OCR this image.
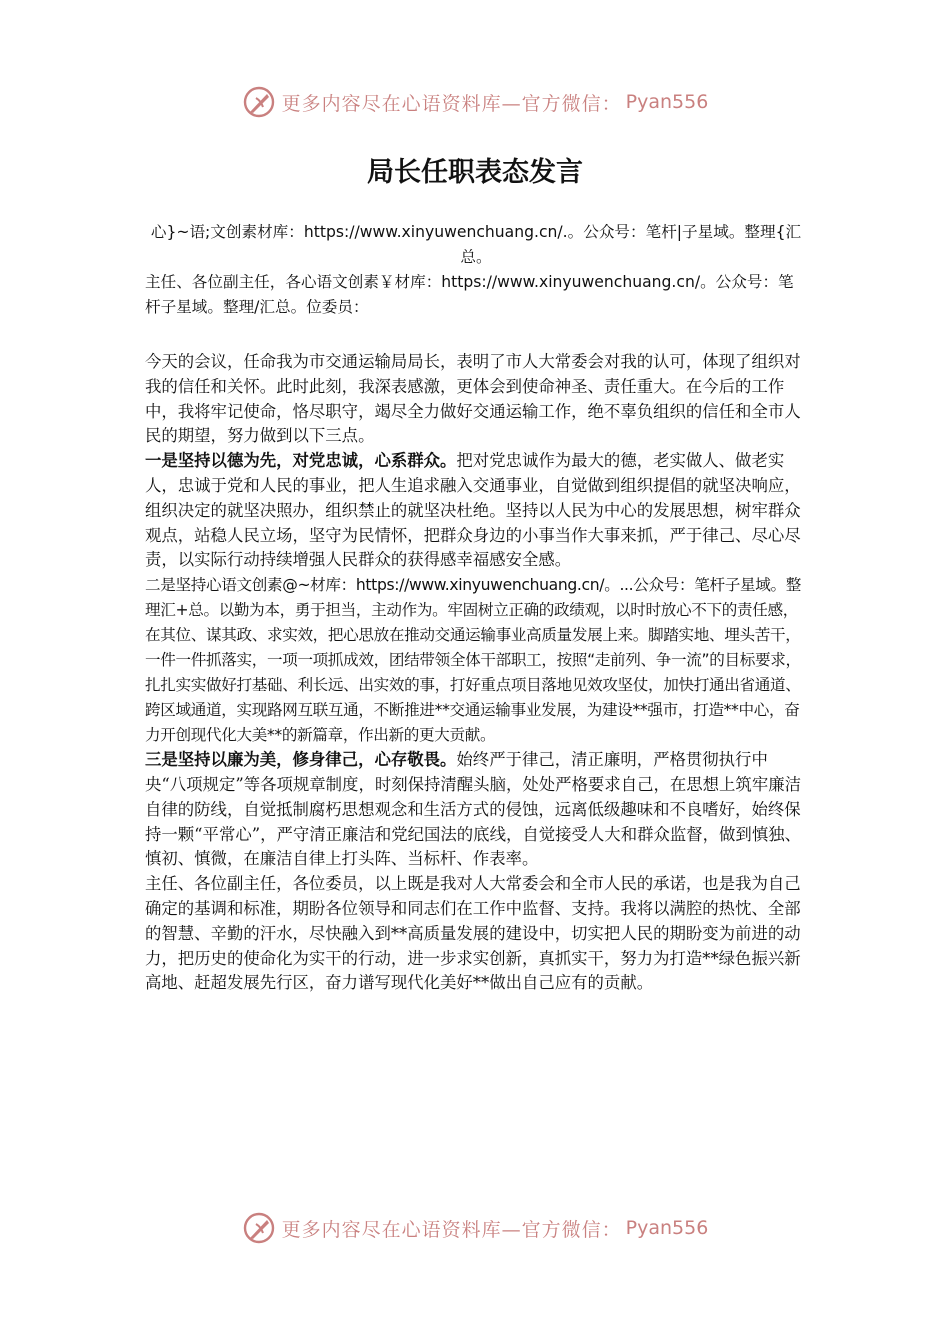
更多内容尽在心语资料库—官方微信： Pyan556
局长任职表态发言

心}~语;文创素材库：https://www.xinyuwenchuang.cn/.。公众号：笔杆|子星域。整理{汇总。

主任、各位副主任，各心语文创素￥材库：https://www.xinyuwenchuang.cn/。公众号：笔杆子星域。整理/汇总。位委员：

今天的会议，任命我为市交通运输局局长，表明了市人大常委会对我的认可，体现了组织对我的信任和关怀。此时此刻，我深表感激，更体会到使命神圣、责任重大。在今后的工作中，我将牢记使命，恪尽职守，竭尽全力做好交通运输工作，绝不辜负组织的信任和全市人民的期望，努力做到以下三点。

一是坚持以德为先，对党忠诚，心系群众。把对党忠诚作为最大的德，老实做人、做老实人，忠诚于党和人民的事业，把人生追求融入交通事业，自觉做到组织提倡的就坚决响应，组织决定的就坚决照办，组织禁止的就坚决杜绝。坚持以人民为中心的发展思想，树牢群众观点，站稳人民立场，坚守为民情怀，把群众身边的小事当作大事来抓，严于律己、尽心尽责，以实际行动持续增强人民群众的获得感幸福感安全感。

二是坚持心语文创素@~材库：https://www.xinyuwenchuang.cn/。...公众号：笔杆子星域。整理汇+总。以勤为本，勇于担当，主动作为。牢固树立正确的政绩观，以时时放心不下的责任感，在其位、谋其政、求实效，把心思放在推动交通运输事业高质量发展上来。脚踏实地、埋头苦干，一件一件抓落实，一项一项抓成效，团结带领全体干部职工，按照“走前列、争一流”的目标要求，扎扎实实做好打基础、利长远、出实效的事，打好重点项目落地见效攻坚仗，加快打通出省通道、跨区域通道，实现路网互联互通，不断推进**交通运输事业发展，为建设**强市，打造**中心，奋力开创现代化大美**的新篇章，作出新的更大贡献。

三是坚持以廉为美，修身律己，心存敬畏。始终严于律己，清正廉明，严格贯彻执行中央“八项规定”等各项规章制度，时刻保持清醒头脑，处处严格要求自己，在思想上筑牢廉洁自律的防线，自觉抵制腐朽思想观念和生活方式的侵蚀，远离低级趣味和不良嗜好，始终保持一颗“平常心”，严守清正廉洁和党纪国法的底线，自觉接受人大和群众监督，做到慎独、慎初、慎微，在廉洁自律上打头阵、当标杆、作表率。

主任、各位副主任，各位委员，以上既是我对人大常委会和全市人民的承诺，也是我为自己确定的基调和标准，期盼各位领导和同志们在工作中监督、支持。我将以满腔的热忱、全部的智慧、辛勤的汗水，尽快融入到**高质量发展的建设中，切实把人民的期盼变为前进的动力，把历史的使命化为实干的行动，进一步求实创新，真抓实干，努力为打造**绿色振兴新高地、赶超发展先行区，奋力谱写现代化美好**做出自己应有的贡献。

更多内容尽在心语资料库—官方微信： Pyan556
